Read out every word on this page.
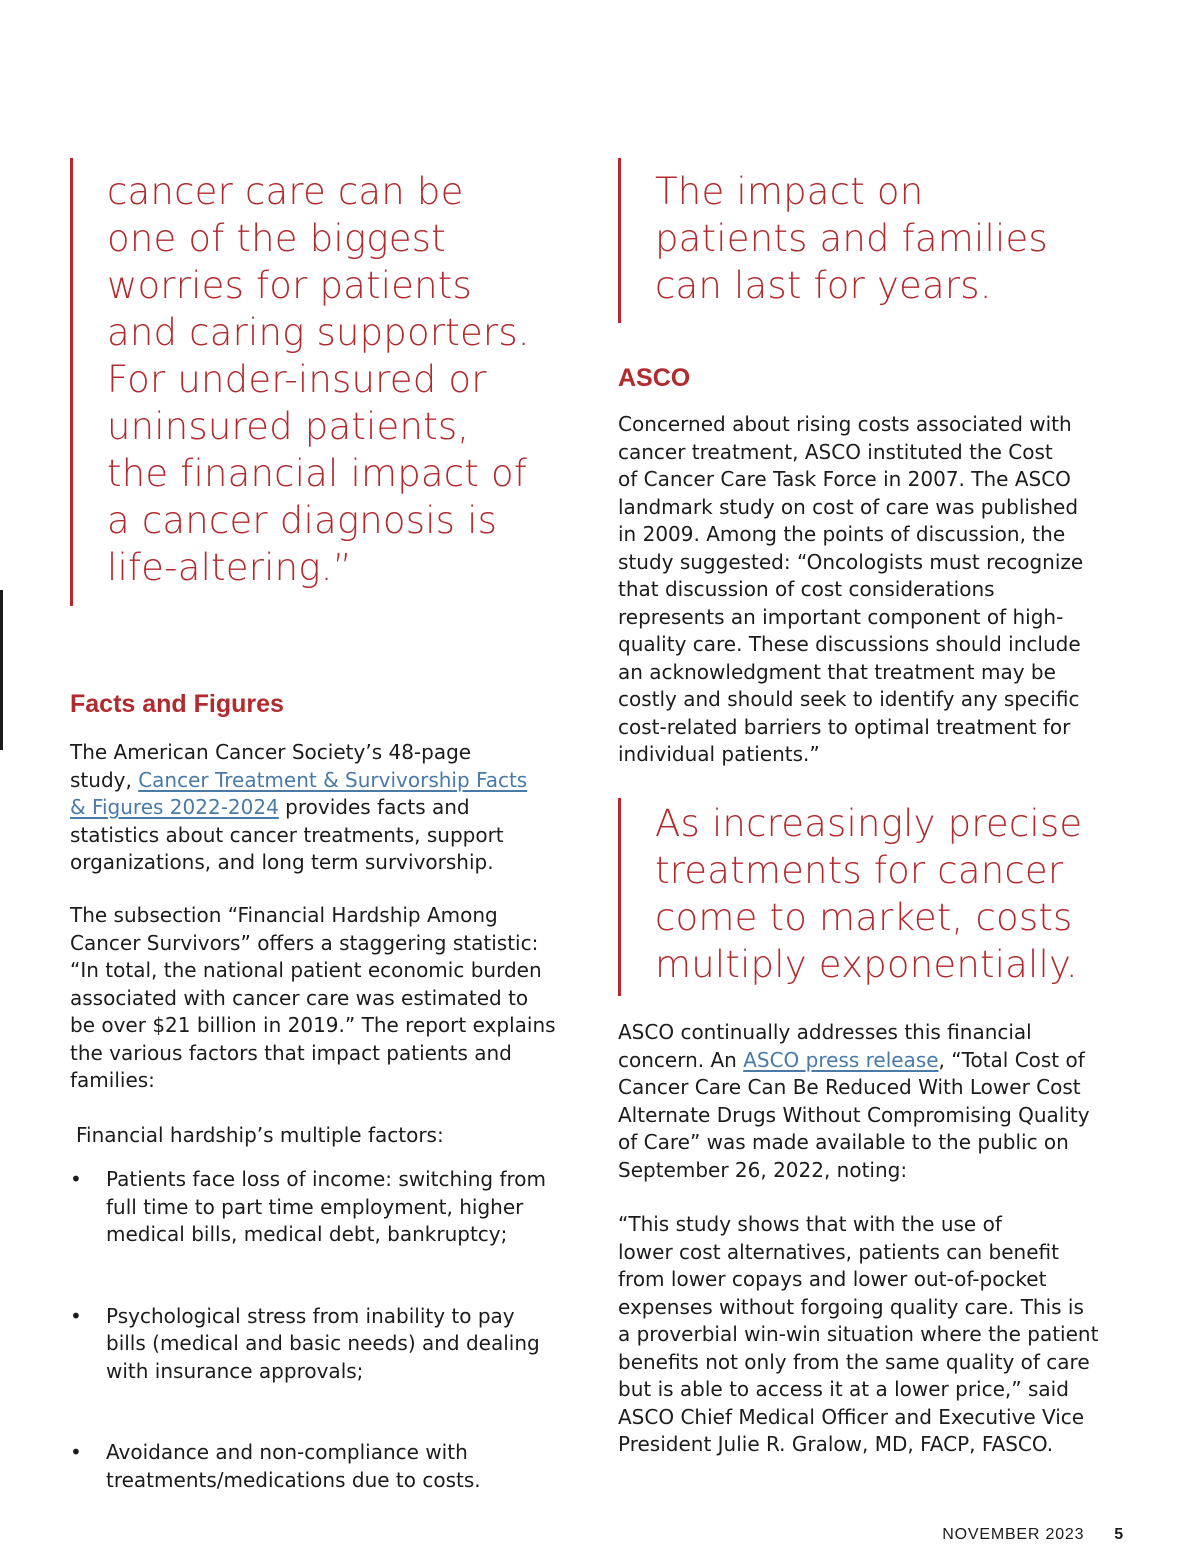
cancer care can be
one of the biggest
worries for patients
and caring supporters.
For under-insured or
uninsured patients,
the financial impact of
a cancer diagnosis is
life-altering.”
Facts and Figures

The American Cancer Society’s 48-page
study, Cancer Treatment & Survivorship Facts
& Figures 2022-2024 provides facts and
statistics about cancer treatments, support
organizations, and long term survivorship.

The subsection “Financial Hardship Among
Cancer Survivors” offers a staggering statistic:
“In total, the national patient economic burden
associated with cancer care was estimated to
be over $21 billion in 2019.” The report explains
the various factors that impact patients and
families:

Financial hardship’s multiple factors:

• Patients face loss of income: switching from
full time to part time employment, higher
medical bills, medical debt, bankruptcy;
• Psychological stress from inability to pay
bills (medical and basic needs) and dealing
with insurance approvals;
• Avoidance and non-compliance with
treatments/medications due to costs.
The impact on
patients and families
can last for years.
ASCO

Concerned about rising costs associated with
cancer treatment, ASCO instituted the Cost
of Cancer Care Task Force in 2007. The ASCO
landmark study on cost of care was published
in 2009. Among the points of discussion, the
study suggested: “Oncologists must recognize
that discussion of cost considerations
represents an important component of high-
quality care. These discussions should include
an acknowledgment that treatment may be
costly and should seek to identify any specific
cost-related barriers to optimal treatment for
individual patients.”

As increasingly precise
treatments for cancer
come to market, costs
multiply exponentially.

ASCO continually addresses this financial
concern. An ASCO press release, “Total Cost of
Cancer Care Can Be Reduced With Lower Cost
Alternate Drugs Without Compromising Quality
of Care” was made available to the public on
September 26, 2022, noting:

“This study shows that with the use of
lower cost alternatives, patients can benefit
from lower copays and lower out-of-pocket
expenses without forgoing quality care. This is
a proverbial win-win situation where the patient
benefits not only from the same quality of care
but is able to access it at a lower price,” said
ASCO Chief Medical Officer and Executive Vice
President Julie R. Gralow, MD, FACP, FASCO.

NOVEMBER 2023 5
